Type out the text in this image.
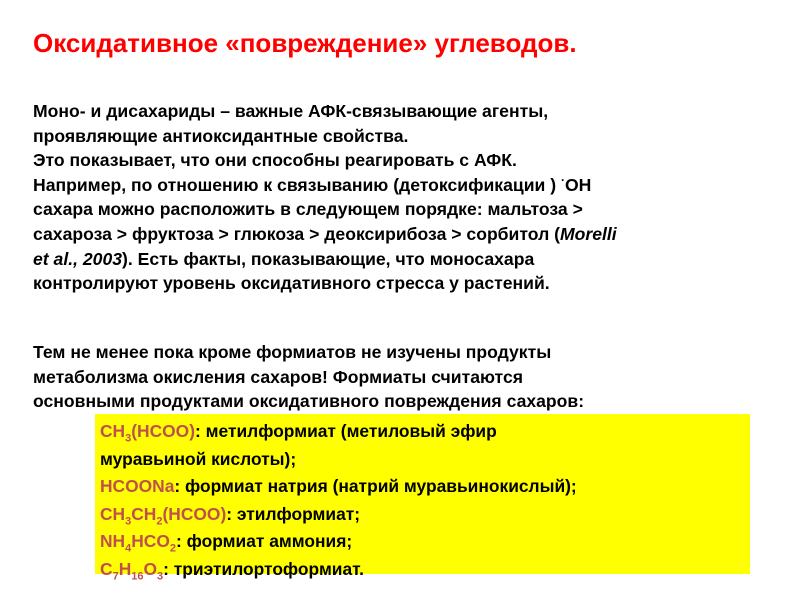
Оксидативное «повреждение» углеводов.

Моно- и дисахариды – важные АФК-связывающие агенты,

проявляющие антиоксидантные свойства.

Это показывает, что они способны реагировать с АФК.

Например, по отношению к связыванию (детоксификации ) ·ОН

сахара можно расположить в следующем порядке: мальтоза >

сахароза > фруктоза > глюкоза > деоксирибоза > сорбитол (Morelli

et al., 2003). Есть факты, показывающие, что моносахара

контролируют уровень оксидативного стресса у растений.

Тем не менее пока кроме формиатов не изучены продукты

метаболизма окисления сахаров! Формиаты считаются

основными продуктами оксидативного повреждения сахаров:

$CH_3(HCOO)$: метилформиат (метиловый эфир

муравьиной кислоты);

HCOONa: формиат натрия (натрий муравьинокислый);

$CH_3CH_2(HCOO)$: этилформиат;

$NH_4HCO_2$: формиат аммония;

$C_7H_{16}O_3$: триэтилортоформиат.
